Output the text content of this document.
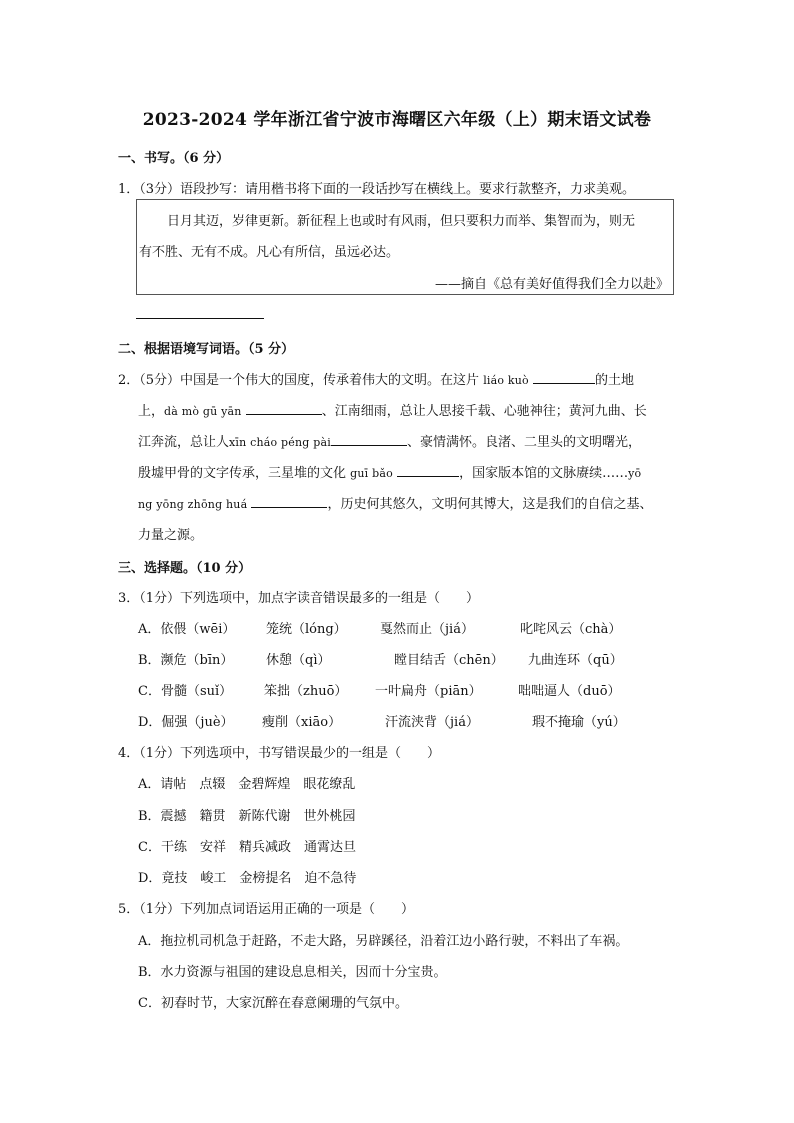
2023-2024 学年浙江省宁波市海曙区六年级（上）期末语文试卷
一、书写。（6 分）
1．（3分）语段抄写：请用楷书将下面的一段话抄写在横线上。要求行款整齐，力求美观。
日月其迈，岁律更新。新征程上也或时有风雨，但只要积力而举、集智而为，则无
有不胜、无有不成。凡心有所信，虽远必达。
——摘自《总有美好值得我们全力以赴》
二、根据语境写词语。（5 分）
2．（5分）中国是一个伟大的国度，传承着伟大的文明。在这片 liáo kuò	的土地
上，dà mò gū yān	、江南细雨，总让人思接千载、心驰神往；黄河九曲、长
江奔流，总让人xīn cháo péng pài	、豪情满怀。良渚、二里头的文明曙光，
殷墟甲骨的文字传承，三星堆的文化 guī bǎo	，国家版本馆的文脉赓续……yō
ng yōng zhōng huá	，历史何其悠久，文明何其博大，这是我们的自信之基、
力量之源。
三、选择题。（10 分）
3．（1分）下列选项中，加点字读音错误最多的一组是（　　）
A．依偎（wēi） 笼统（lóng）	戛然而止（jiá）	叱咤风云（chà）
B．濒危（bīn）	休憩（qì）	瞠目结舌（chēn） 九曲连环（qū）
C．骨髓（suǐ） 笨拙（zhuō） 一叶扁舟（piān）	咄咄逼人（duō）
D．倔强（juè） 瘦削（xiāo）	汗流浃背（jiá）	瑕不掩瑜（yú）
4．（1分）下列选项中，书写错误最少的一组是（　　）
A．请帖　点辍　金碧辉煌　眼花缭乱
B．震撼　籍贯　新陈代谢　世外桃园
C．干练　安祥　精兵减政　通霄达旦
D．竟技　峻工　金榜提名　迫不急待
5．（1分）下列加点词语运用正确的一项是（　　）
A．拖拉机司机急于赶路，不走大路，另辟蹊径，沿着江边小路行驶，不料出了车祸。
B．水力资源与祖国的建设息息相关，因而十分宝贵。
C．初春时节，大家沉醉在春意阑珊的气氛中。
